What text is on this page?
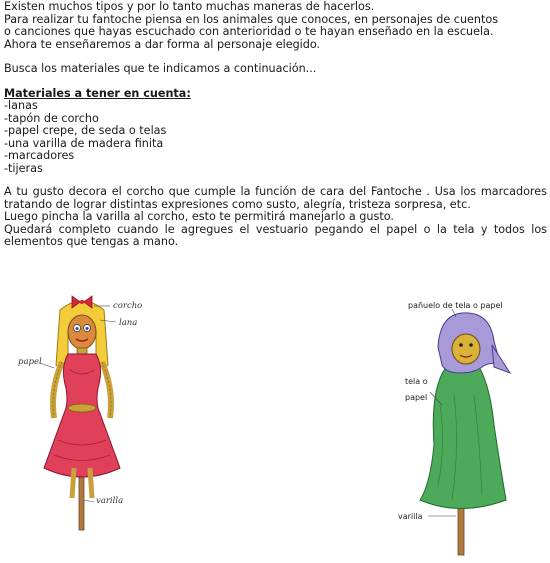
Existen muchos tipos y por lo tanto muchas maneras de hacerlos.

Para realizar tu fantoche piensa en los animales que conoces, en personajes de cuentos

o canciones que hayas escuchado con anterioridad o te hayan enseñado en la escuela.

Ahora te enseñaremos a dar forma al personaje elegido.

Busca los materiales que te indicamos a continuación...

Materiales a tener en cuenta:

-lanas
-tapón de corcho
-papel crepe, de seda o telas
-una varilla de madera finita
-marcadores
-tijeras

A tu gusto decora el corcho que cumple la función de cara del Fantoche . Usa los marcadores tratando de lograr distintas expresiones como susto, alegría, tristeza sorpresa, etc.

Luego pincha la varilla al corcho, esto te permitirá manejarlo a gusto.

Quedará completo cuando le agregues el vestuario pegando el papel o la tela y todos los elementos que tengas a mano.

corcho
lana
papel
varilla
pañuelo de tela o papel
tela o
papel
varilla
